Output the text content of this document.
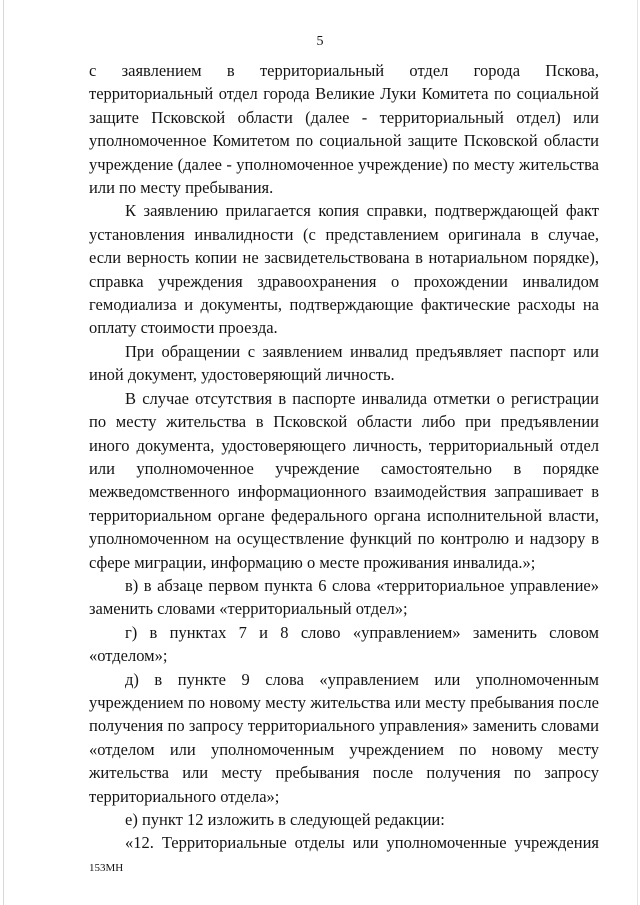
5

с заявлением в территориальный отдел города Пскова, территориальный отдел города Великие Луки Комитета по социальной защите Псковской области (далее - территориальный отдел) или уполномоченное Комитетом по социальной защите Псковской области учреждение (далее - уполномоченное учреждение) по месту жительства или по месту пребывания.

К заявлению прилагается копия справки, подтверждающей факт установления инвалидности (с представлением оригинала в случае, если верность копии не засвидетельствована в нотариальном порядке), справка учреждения здравоохранения о прохождении инвалидом гемодиализа и документы, подтверждающие фактические расходы на оплату стоимости проезда.

При обращении с заявлением инвалид предъявляет паспорт или иной документ, удостоверяющий личность.

В случае отсутствия в паспорте инвалида отметки о регистрации по месту жительства в Псковской области либо при предъявлении иного документа, удостоверяющего личность, территориальный отдел или уполномоченное учреждение самостоятельно в порядке межведомственного информационного взаимодействия запрашивает в территориальном органе федерального органа исполнительной власти, уполномоченном на осуществление функций по контролю и надзору в сфере миграции, информацию о месте проживания инвалида.»;

в) в абзаце первом пункта 6 слова «территориальное управление» заменить словами «территориальный отдел»;

г) в пунктах 7 и 8 слово «управлением» заменить словом «отделом»;

д) в пункте 9 слова «управлением или уполномоченным учреждением по новому месту жительства или месту пребывания после получения по запросу территориального управления» заменить словами «отделом или уполномоченным учреждением по новому месту жительства или месту пребывания после получения по запросу территориального отдела»;

е) пункт 12 изложить в следующей редакции:

«12. Территориальные отделы или уполномоченные учреждения

153МН
